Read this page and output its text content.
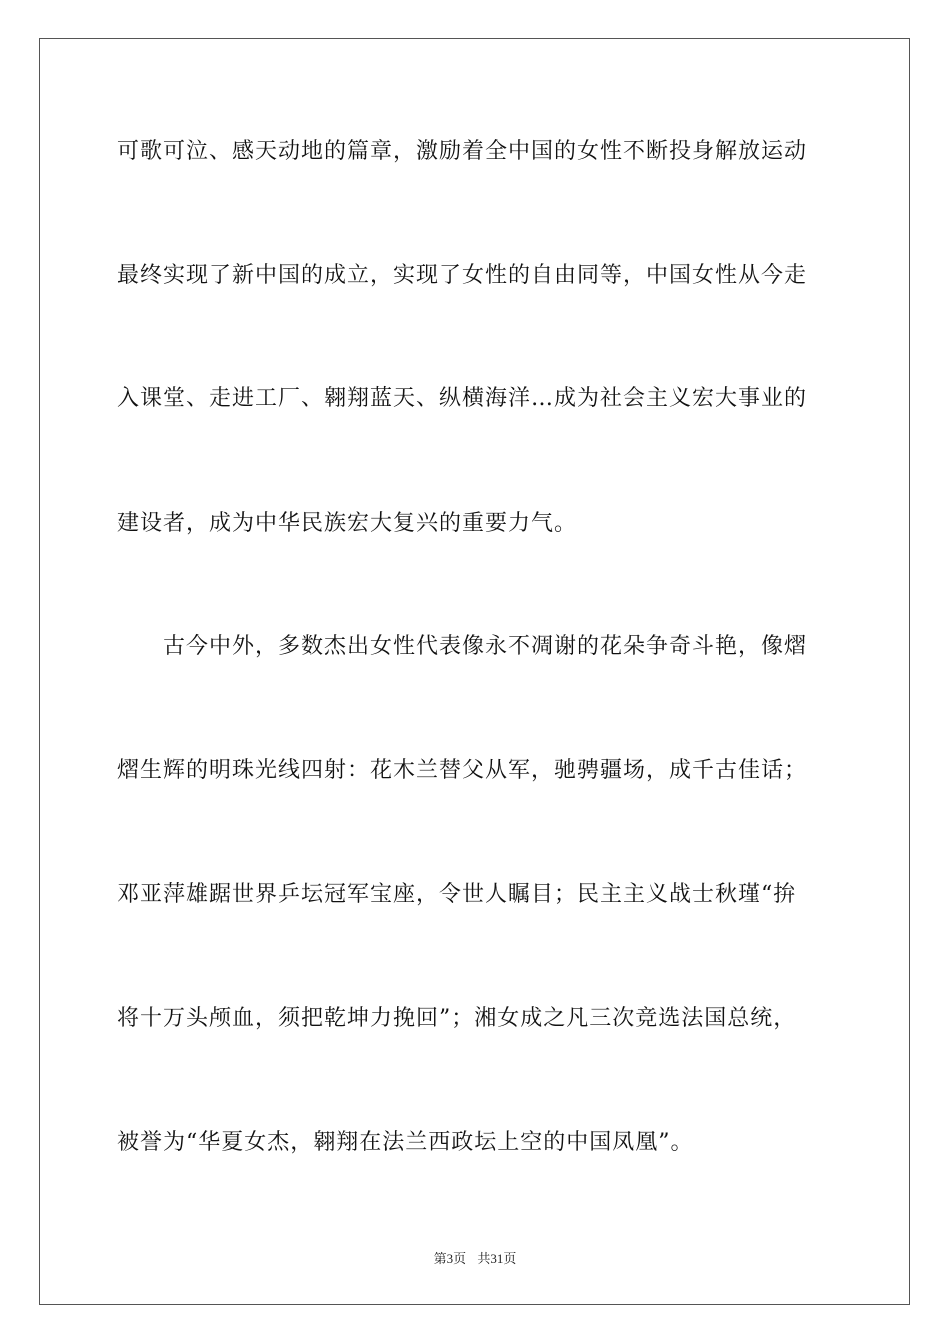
可歌可泣、感天动地的篇章，激励着全中国的女性不断投身解放运动
最终实现了新中国的成立，实现了女性的自由同等，中国女性从今走
入课堂、走进工厂、翱翔蓝天、纵横海洋…成为社会主义宏大事业的
建设者，成为中华民族宏大复兴的重要力气。
古今中外，多数杰出女性代表像永不凋谢的花朵争奇斗艳，像熠
熠生辉的明珠光线四射：花木兰替父从军，驰骋疆场，成千古佳话；
邓亚萍雄踞世界乒坛冠军宝座，令世人瞩目；民主主义战士秋瑾“拚
将十万头颅血，须把乾坤力挽回”；湘女成之凡三次竞选法国总统，
被誉为“华夏女杰，翱翔在法兰西政坛上空的中国凤凰”。
第3页 共31页
